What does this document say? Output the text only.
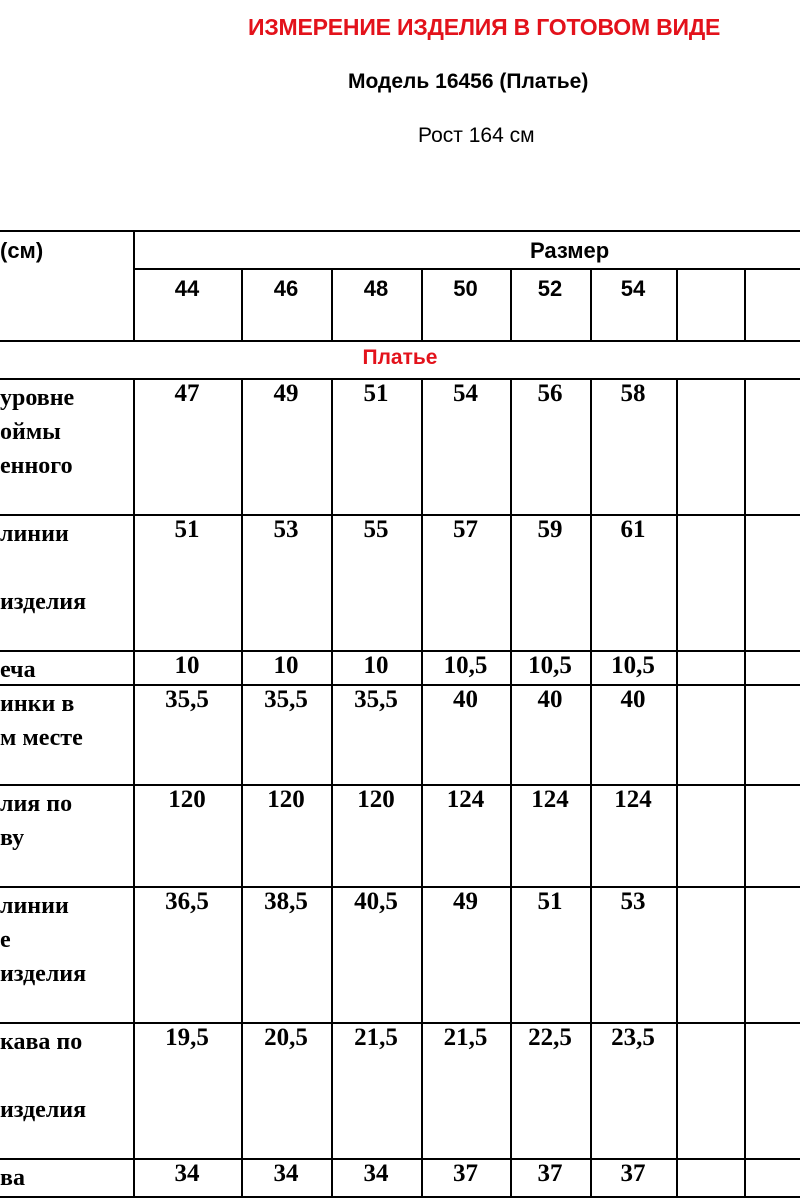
ИЗМЕРЕНИЕ ИЗДЕЛИЯ В ГОТОВОМ ВИДЕ
Модель 16456 (Платье)
Рост 164 см
(см)	Размер
Платье
44	46	48	50	52	54
уровне
оймы
енного
47	49	51	54	56	58
линии

изделия
51	53	55	57	59	61
еча	10	10	10	10,5	10,5	10,5
инки в
м месте
35,5	35,5	35,5	40	40	40
лия по
ву
120	120	120	124	124	124
линии
е
изделия
36,5	38,5	40,5	49	51	53
кава по

изделия
19,5	20,5	21,5	21,5	22,5	23,5
ва	34	34	34	37	37	37
